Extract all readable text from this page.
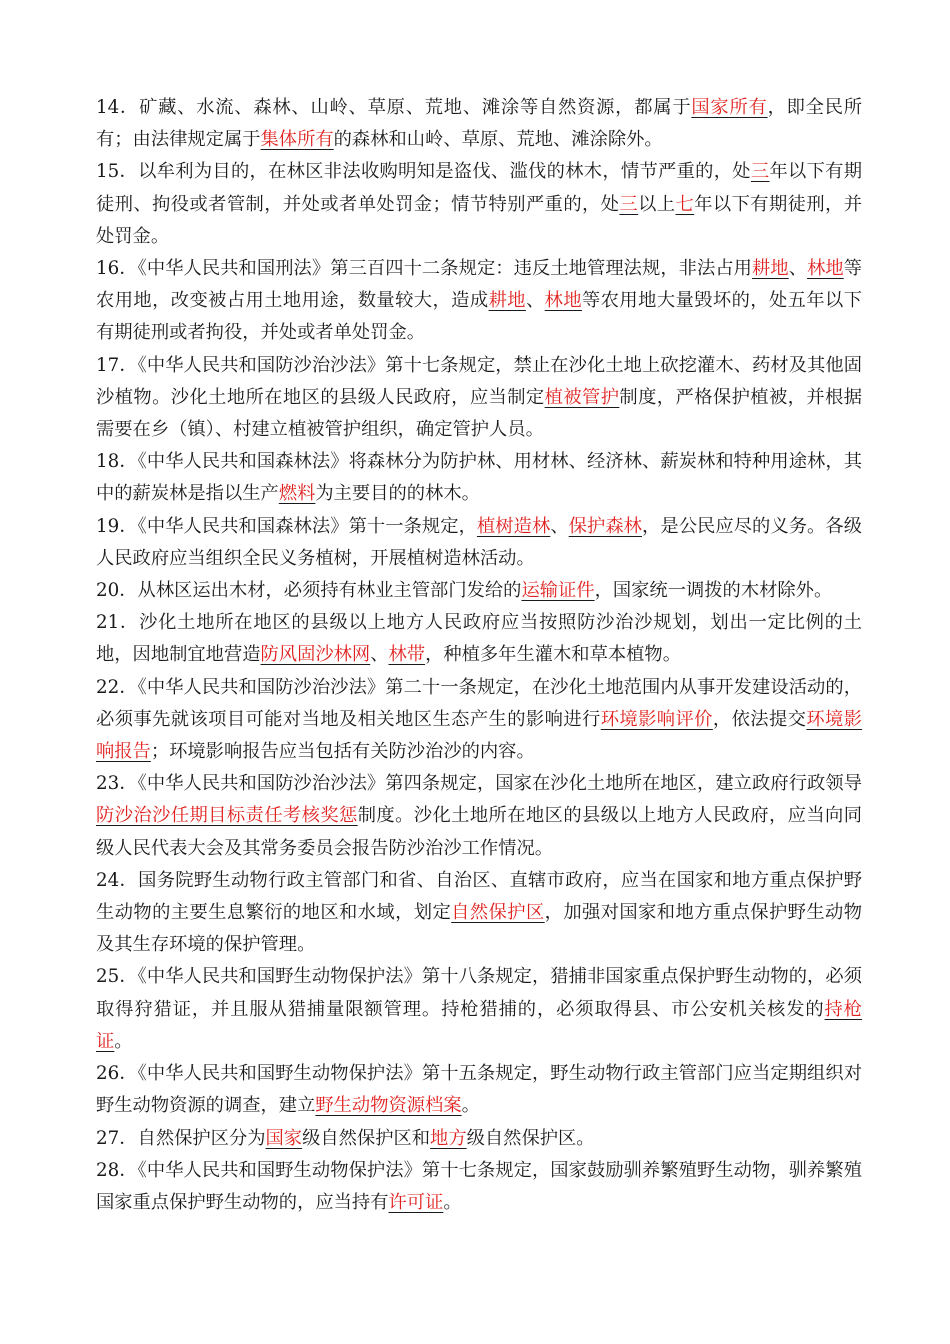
14．矿藏、水流、森林、山岭、草原、荒地、滩涂等自然资源，都属于国家所有，即全民所有；由法律规定属于集体所有的森林和山岭、草原、荒地、滩涂除外。

15．以牟利为目的，在林区非法收购明知是盗伐、滥伐的林木，情节严重的，处三年以下有期徒刑、拘役或者管制，并处或者单处罚金；情节特别严重的，处三以上七年以下有期徒刑，并处罚金。

16．《中华人民共和国刑法》第三百四十二条规定：违反土地管理法规，非法占用耕地、林地等农用地，改变被占用土地用途，数量较大，造成耕地、林地等农用地大量毁坏的，处五年以下有期徒刑或者拘役，并处或者单处罚金。

17．《中华人民共和国防沙治沙法》第十七条规定，禁止在沙化土地上砍挖灌木、药材及其他固沙植物。沙化土地所在地区的县级人民政府，应当制定植被管护制度，严格保护植被，并根据需要在乡（镇）、村建立植被管护组织，确定管护人员。

18．《中华人民共和国森林法》将森林分为防护林、用材林、经济林、薪炭林和特种用途林，其中的薪炭林是指以生产燃料为主要目的的林木。

19．《中华人民共和国森林法》第十一条规定，植树造林、保护森林，是公民应尽的义务。各级人民政府应当组织全民义务植树，开展植树造林活动。

20．从林区运出木材，必须持有林业主管部门发给的运输证件，国家统一调拨的木材除外。

21．沙化土地所在地区的县级以上地方人民政府应当按照防沙治沙规划，划出一定比例的土地，因地制宜地营造防风固沙林网、林带，种植多年生灌木和草本植物。

22．《中华人民共和国防沙治沙法》第二十一条规定，在沙化土地范围内从事开发建设活动的，必须事先就该项目可能对当地及相关地区生态产生的影响进行环境影响评价，依法提交环境影响报告；环境影响报告应当包括有关防沙治沙的内容。

23．《中华人民共和国防沙治沙法》第四条规定，国家在沙化土地所在地区，建立政府行政领导防沙治沙任期目标责任考核奖惩制度。沙化土地所在地区的县级以上地方人民政府，应当向同级人民代表大会及其常务委员会报告防沙治沙工作情况。

24．国务院野生动物行政主管部门和省、自治区、直辖市政府，应当在国家和地方重点保护野生动物的主要生息繁衍的地区和水域，划定自然保护区，加强对国家和地方重点保护野生动物及其生存环境的保护管理。

25．《中华人民共和国野生动物保护法》第十八条规定，猎捕非国家重点保护野生动物的，必须取得狩猎证，并且服从猎捕量限额管理。持枪猎捕的，必须取得县、市公安机关核发的持枪证。

26．《中华人民共和国野生动物保护法》第十五条规定，野生动物行政主管部门应当定期组织对野生动物资源的调查，建立野生动物资源档案。

27．自然保护区分为国家级自然保护区和地方级自然保护区。

28．《中华人民共和国野生动物保护法》第十七条规定，国家鼓励驯养繁殖野生动物，驯养繁殖国家重点保护野生动物的，应当持有许可证。
